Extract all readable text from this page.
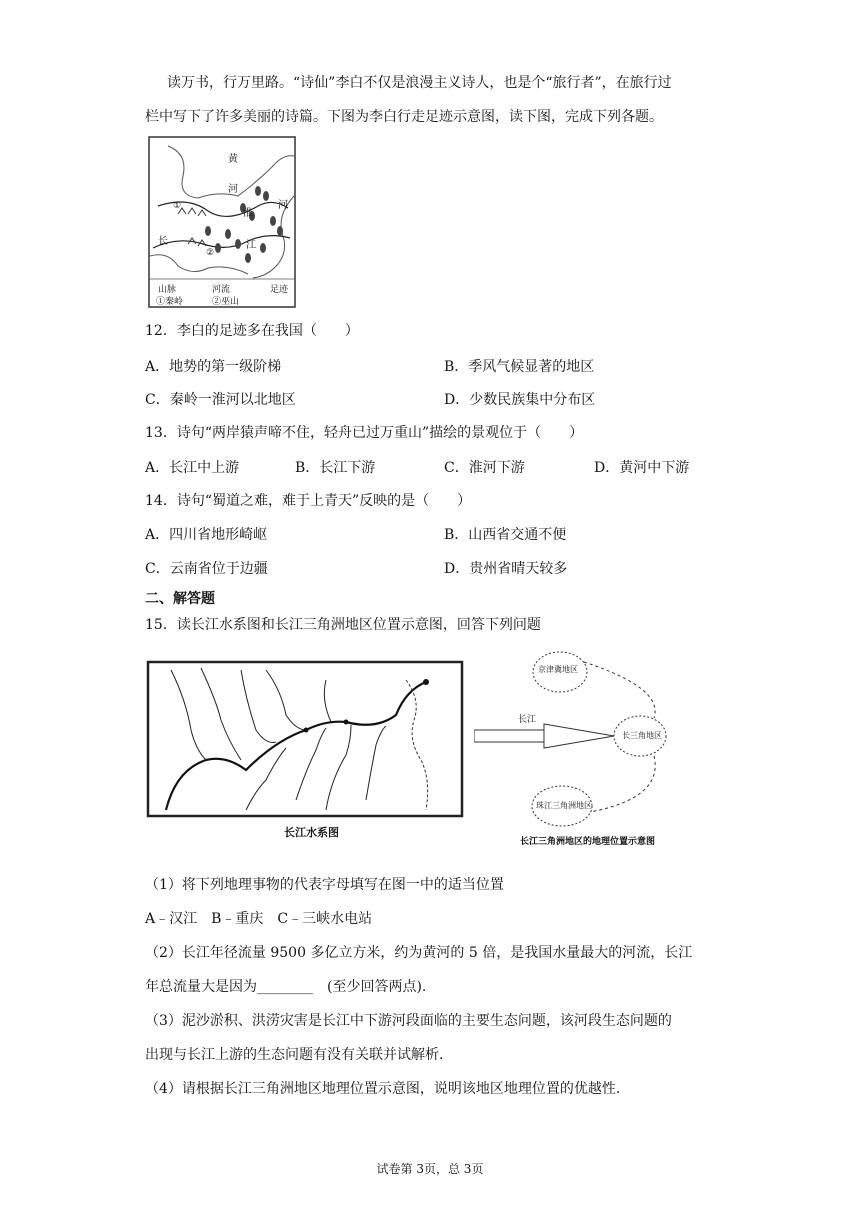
读万书，行万里路。“诗仙”李白不仅是浪漫主义诗人，也是个“旅行者”，在旅行过
栏中写下了许多美丽的诗篇。下图为李白行走足迹示意图，读下图，完成下列各题。
黄
河
淮
河
长	江
①
②
山脉	河流	足迹
①秦岭	②巫山
12．李白的足迹多在我国（　　）
A．地势的第一级阶梯	B．季风气候显著的地区
C．秦岭一淮河以北地区	D．少数民族集中分布区
13．诗句“两岸猿声啼不住，轻舟已过万重山”描绘的景观位于（　　）
A．长江中上游	B．长江下游	C．淮河下游	D．黄河中下游
14．诗句“蜀道之难，难于上青天”反映的是（　　）
A．四川省地形崎岖	B．山西省交通不便
C．云南省位于边疆	D．贵州省晴天较多
二、解答题
15．读长江水系图和长江三角洲地区位置示意图，回答下列问题
长江水系图
京津冀地区
长三角地区
珠江三角洲地区
长江
长江三角洲地区的地理位置示意图
（1）将下列地理事物的代表字母填写在图一中的适当位置
A﹣汉江　B﹣重庆　C﹣三峡水电站
（2）长江年径流量 9500 多亿立方米，约为黄河的 5 倍，是我国水量最大的河流，长江
年总流量大是因为________　(至少回答两点).
（3）泥沙淤积、洪涝灾害是长江中下游河段面临的主要生态问题，该河段生态问题的
出现与长江上游的生态问题有没有关联并试解析.
（4）请根据长江三角洲地区地理位置示意图，说明该地区地理位置的优越性.
试卷第 3页，总 3页
